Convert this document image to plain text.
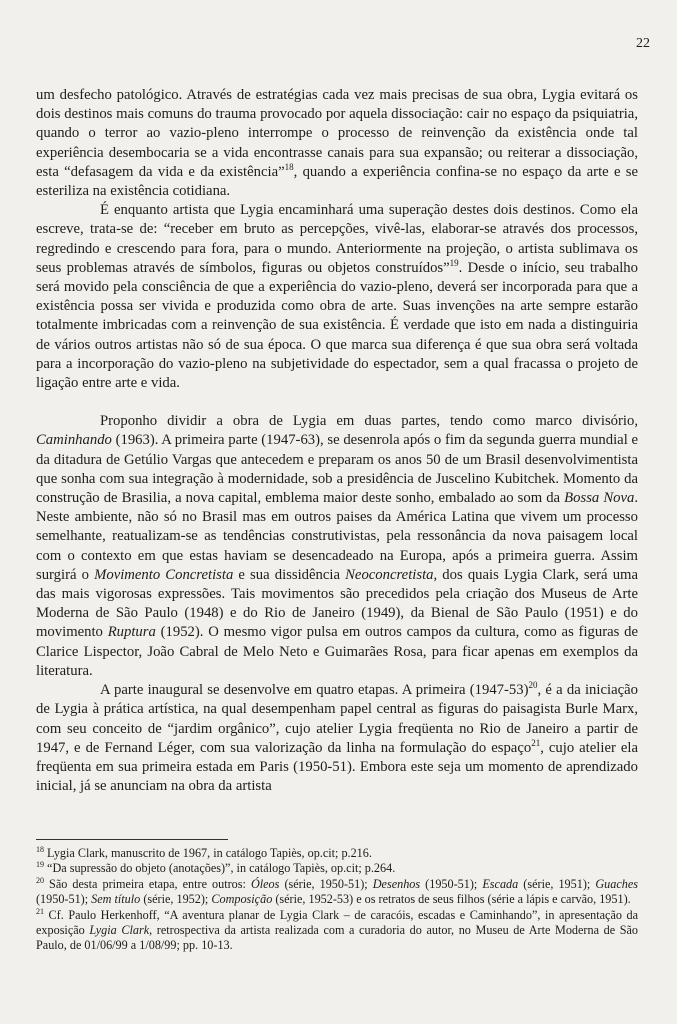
22

um desfecho patológico. Através de estratégias cada vez mais precisas de sua obra, Lygia evitará os dois destinos mais comuns do trauma provocado por aquela dissociação: cair no espaço da psiquiatria, quando o terror ao vazio-pleno interrompe o processo de reinvenção da existência onde tal experiência desembocaria se a vida encontrasse canais para sua expansão; ou reiterar a dissociação, esta “defasagem da vida e da existência”$^{18}$, quando a experiência confina-se no espaço da arte e se esteriliza na existência cotidiana.

É enquanto artista que Lygia encaminhará uma superação destes dois destinos. Como ela escreve, trata-se de: “receber em bruto as percepções, vivê-las, elaborar-se através dos processos, regredindo e crescendo para fora, para o mundo. Anteriormente na projeção, o artista sublimava os seus problemas através de símbolos, figuras ou objetos construídos”$^{19}$. Desde o início, seu trabalho será movido pela consciência de que a experiência do vazio-pleno, deverá ser incorporada para que a existência possa ser vivida e produzida como obra de arte. Suas invenções na arte sempre estarão totalmente imbricadas com a reinvenção de sua existência. É verdade que isto em nada a distinguiria de vários outros artistas não só de sua época. O que marca sua diferença é que sua obra será voltada para a incorporação do vazio-pleno na subjetividade do espectador, sem a qual fracassa o projeto de ligação entre arte e vida.

Proponho dividir a obra de Lygia em duas partes, tendo como marco divisório, Caminhando (1963). A primeira parte (1947-63), se desenrola após o fim da segunda guerra mundial e da ditadura de Getúlio Vargas que antecedem e preparam os anos 50 de um Brasil desenvolvimentista que sonha com sua integração à modernidade, sob a presidência de Juscelino Kubitchek. Momento da construção de Brasilia, a nova capital, emblema maior deste sonho, embalado ao som da Bossa Nova. Neste ambiente, não só no Brasil mas em outros paises da América Latina que vivem um processo semelhante, reatualizam-se as tendências construtivistas, pela ressonância da nova paisagem local com o contexto em que estas haviam se desencadeado na Europa, após a primeira guerra. Assim surgirá o Movimento Concretista e sua dissidência Neoconcretista, dos quais Lygia Clark, será uma das mais vigorosas expressões. Tais movimentos são precedidos pela criação dos Museus de Arte Moderna de São Paulo (1948) e do Rio de Janeiro (1949), da Bienal de São Paulo (1951) e do movimento Ruptura (1952). O mesmo vigor pulsa em outros campos da cultura, como as figuras de Clarice Lispector, João Cabral de Melo Neto e Guimarães Rosa, para ficar apenas em exemplos da literatura.

A parte inaugural se desenvolve em quatro etapas. A primeira (1947-53)$^{20}$, é a da iniciação de Lygia à prática artística, na qual desempenham papel central as figuras do paisagista Burle Marx, com seu conceito de “jardim orgânico”, cujo atelier Lygia freqüenta no Rio de Janeiro a partir de 1947, e de Fernand Léger, com sua valorização da linha na formulação do espaço$^{21}$, cujo atelier ela freqüenta em sua primeira estada em Paris (1950-51). Embora este seja um momento de aprendizado inicial, já se anunciam na obra da artista

$^{18}$ Lygia Clark, manuscrito de 1967, in catálogo Tapiès, op.cit; p.216.

$^{19}$ “Da supressão do objeto (anotações)”, in catálogo Tapiès, op.cit; p.264.

$^{20}$ São desta primeira etapa, entre outros: Óleos (série, 1950-51); Desenhos (1950-51); Escada (série, 1951); Guaches (1950-51); Sem título (série, 1952); Composição (série, 1952-53) e os retratos de seus filhos (série a lápis e carvão, 1951).

$^{21}$ Cf. Paulo Herkenhoff, “A aventura planar de Lygia Clark – de caracóis, escadas e Caminhando”, in apresentação da exposição Lygia Clark, retrospectiva da artista realizada com a curadoria do autor, no Museu de Arte Moderna de São Paulo, de 01/06/99 a 1/08/99; pp. 10-13.
